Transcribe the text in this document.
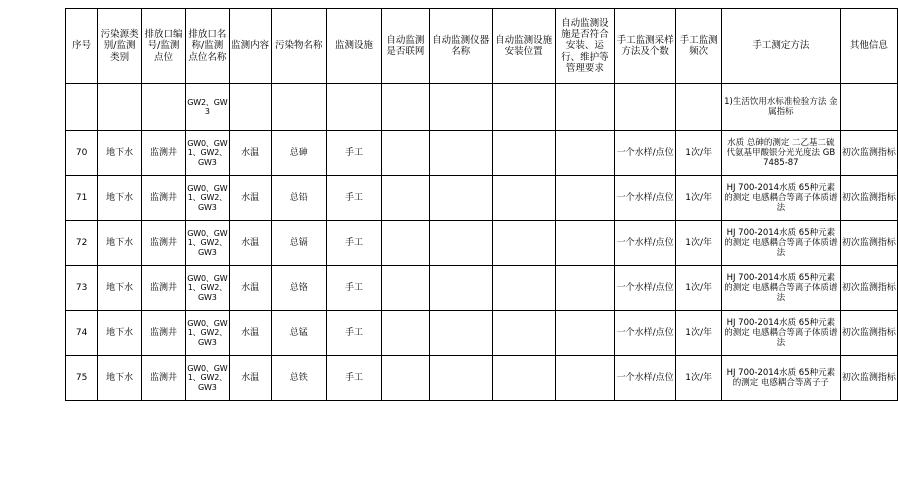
序号	污染源类别/监测类别	排放口编号/监测点位	排放口名称/监测点位名称	监测内容	污染物名称	监测设施	自动监测是否联网	自动监测仪器名称	自动监测设施安装位置	自动监测设施是否符合安装、运行、维护等管理要求	手工监测采样方法及个数	手工监测频次	手工测定方法	其他信息
			GW2、GW3										1)生活饮用水标准检验方法 金属指标	
70	地下水	监测井	GW0、GW1、GW2、GW3	水温	总砷	手工					一个水样/点位	1次/年	水质 总砷的测定 二乙基二硫代氨基甲酸银分光光度法 GB 7485-87	初次监测指标
71	地下水	监测井	GW0、GW1、GW2、GW3	水温	总铅	手工					一个水样/点位	1次/年	HJ 700-2014水质 65种元素的测定 电感耦合等离子体质谱法	初次监测指标
72	地下水	监测井	GW0、GW1、GW2、GW3	水温	总镉	手工					一个水样/点位	1次/年	HJ 700-2014水质 65种元素的测定 电感耦合等离子体质谱法	初次监测指标
73	地下水	监测井	GW0、GW1、GW2、GW3	水温	总铬	手工					一个水样/点位	1次/年	HJ 700-2014水质 65种元素的测定 电感耦合等离子体质谱法	初次监测指标
74	地下水	监测井	GW0、GW1、GW2、GW3	水温	总锰	手工					一个水样/点位	1次/年	HJ 700-2014水质 65种元素的测定 电感耦合等离子体质谱法	初次监测指标
75	地下水	监测井	GW0、GW1、GW2、GW3	水温	总铁	手工					一个水样/点位	1次/年	HJ 700-2014水质 65种元素的测定 电感耦合等离子子	初次监测指标
